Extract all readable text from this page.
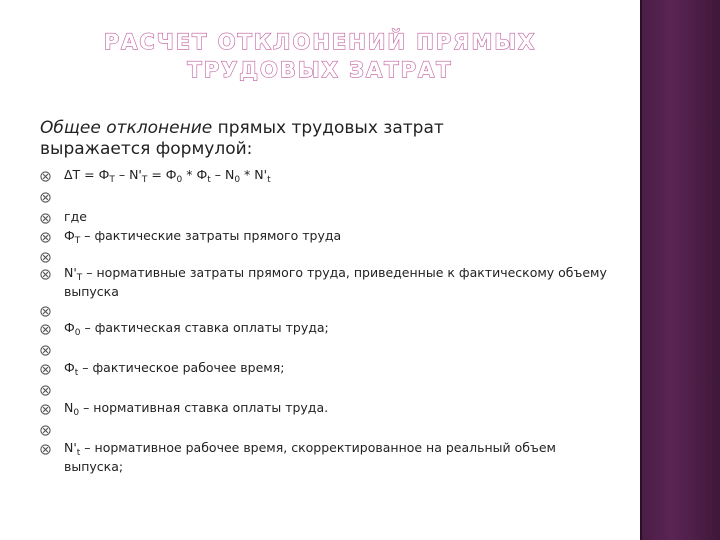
РАСЧЕТ ОТКЛОНЕНИЙ ПРЯМЫХ
ТРУДОВЫХ ЗАТРАТ
Общее отклонение прямых трудовых затрат
выражается формулой:
$\Delta T = Ф_T - N'_T = Ф_0 * Ф_t - N_0 * N'_t$
где
$Ф_T$ – фактические затраты прямого труда
$N'_T$ – нормативные затраты прямого труда, приведенные к фактическому объему выпуска
$Ф_0$ – фактическая ставка оплаты труда;
$Ф_t$ – фактическое рабочее время;
$N_0$ – нормативная ставка оплаты труда.
$N'_t$ – нормативное рабочее время, скорректированное на реальный объем выпуска;
